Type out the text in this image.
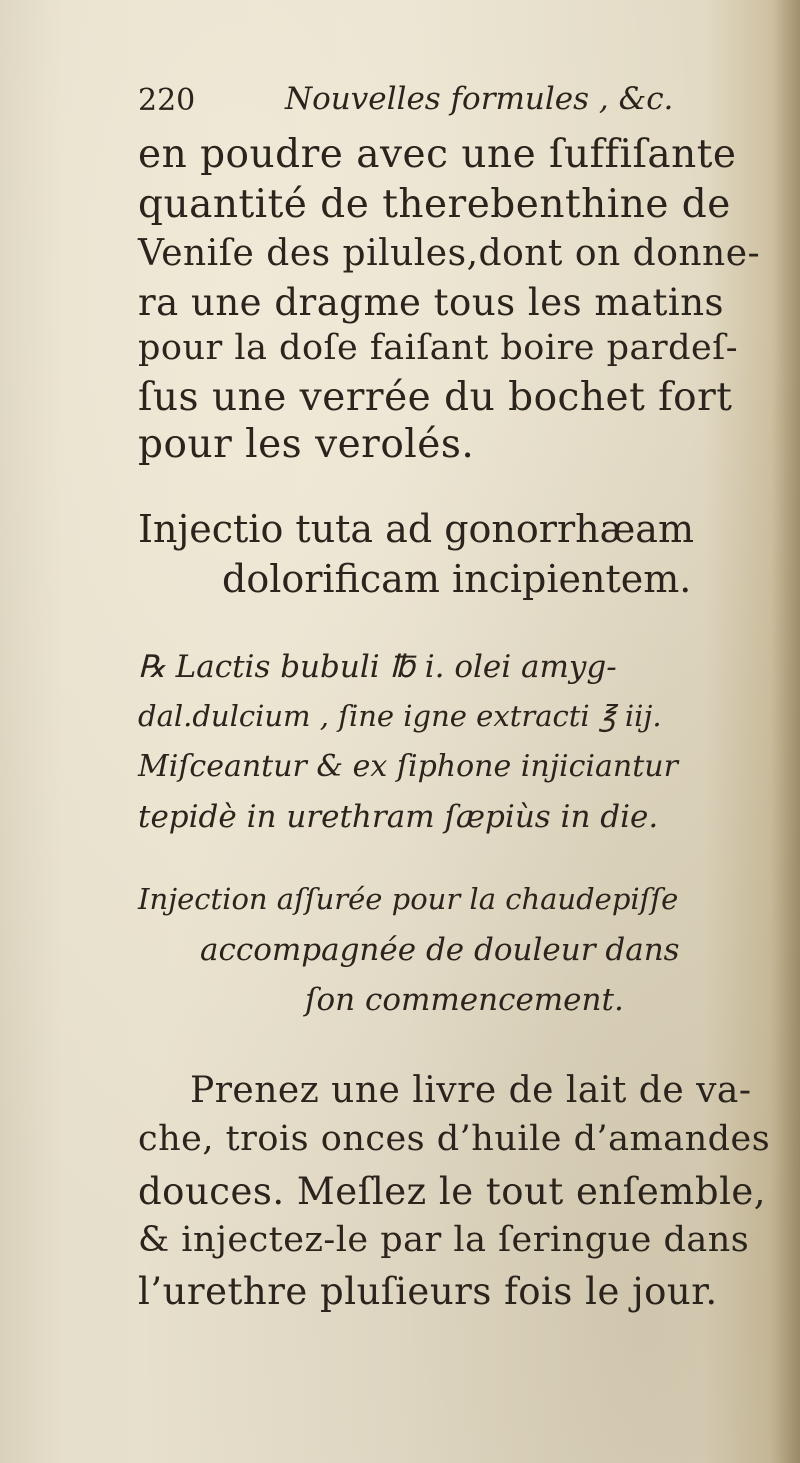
220	Nouvelles formules , &c.
en poudre avec une ſuffiſante
quantité de therebenthine de
Veniſe des pilules,dont on donne-
ra une dragme tous les matins
pour la doſe faiſant boire pardeſ-
ſus une verrée du bochet fort
pour les verolés.
Injectio tuta ad gonorrhæam
dolorificam incipientem.
℞ Lactis bubuli ℔ i. olei amyg-
dal.dulcium , ſine igne extracti ℥ iij.
Miſceantur & ex ſiphone injiciantur
tepidè in urethram ſæpiùs in die.
Injection aſſurée pour la chaudepiſſe
accompagnée de douleur dans
ſon commencement.
Prenez une livre de lait de va-
che, trois onces d’huile d’amandes
douces. Meſlez le tout enſemble,
& injectez-le par la ſeringue dans
l’urethre pluſieurs fois le jour.
